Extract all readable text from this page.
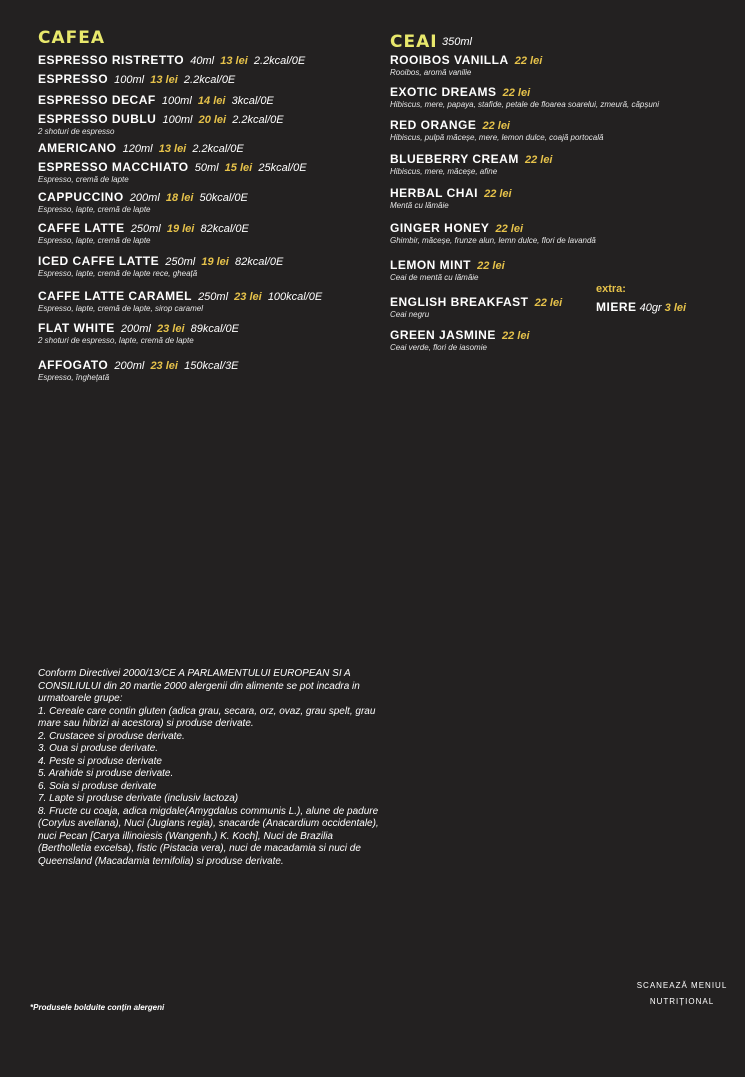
CAFEA
ESPRESSO RISTRETTO 40ml 13 lei 2.2kcal/0E
ESPRESSO 100ml 13 lei 2.2kcal/0E
ESPRESSO DECAF 100ml 14 lei 3kcal/0E
ESPRESSO DUBLU 100ml 20 lei 2.2kcal/0E
2 shoturi de espresso
AMERICANO 120ml 13 lei 2.2kcal/0E
ESPRESSO MACCHIATO 50ml 15 lei 25kcal/0E
Espresso, cremă de lapte
CAPPUCCINO 200ml 18 lei 50kcal/0E
Espresso, lapte, cremă de lapte
CAFFE LATTE 250ml 19 lei 82kcal/0E
Espresso, lapte, cremă de lapte
ICED CAFFE LATTE 250ml 19 lei 82kcal/0E
Espresso, lapte, cremă de lapte rece, gheață
CAFFE LATTE CARAMEL 250ml 23 lei 100kcal/0E
Espresso, lapte, cremă de lapte, sirop caramel
FLAT WHITE 200ml 23 lei 89kcal/0E
2 shoturi de espresso, lapte, cremă de lapte
AFFOGATO 200ml 23 lei 150kcal/3E
Espresso, îngheţată
CEAI 350ml
ROOIBOS VANILLA 22 lei
Rooibos, aromă vanilie
EXOTIC DREAMS 22 lei
Hibiscus, mere, papaya, stafide, petale de floarea soarelui, zmeură, căpșuni
RED ORANGE 22 lei
Hibiscus, pulpă măceșe, mere, lemon dulce, coajă portocală
BLUEBERRY CREAM 22 lei
Hibiscus, mere, măceșe, afine
HERBAL CHAI 22 lei
Mentă cu lămâie
GINGER HONEY 22 lei
Ghimbir, măceșe, frunze alun, lemn dulce, flori de lavandă
LEMON MINT 22 lei
Ceai de mentă cu lămâie
ENGLISH BREAKFAST 22 lei
Ceai negru
GREEN JASMINE 22 lei
Ceai verde, flori de iasomie
extra:
MIERE 40gr 3 lei
Conform Directivei 2000/13/CE A PARLAMENTULUI EUROPEAN SI A CONSILIULUI din 20 martie 2000 alergenii din alimente se pot incadra in urmatoarele grupe:
1. Cereale care contin gluten (adica grau, secara, orz, ovaz, grau spelt, grau mare sau hibrizi ai acestora) si produse derivate.
2. Crustacee si produse derivate.
3. Oua si produse derivate.
4. Peste si produse derivate
5. Arahide si produse derivate.
6. Soia si produse derivate
7. Lapte si produse derivate (inclusiv lactoza)
8. Fructe cu coaja, adica migdale(Amygdalus communis L.), alune de padure (Corylus avellana), Nuci (Juglans regia), snacarde (Anacardium occidentale), nuci Pecan [Carya illinoiesis (Wangenh.) K. Koch], Nuci de Brazilia (Bertholletia excelsa), fistic (Pistacia vera), nuci de macadamia si nuci de Queensland (Macadamia ternifolia) si produse derivate.
*Produsele bolduite conțin alergeni
SCANEAZĂ MENIUL NUTRIȚIONAL
